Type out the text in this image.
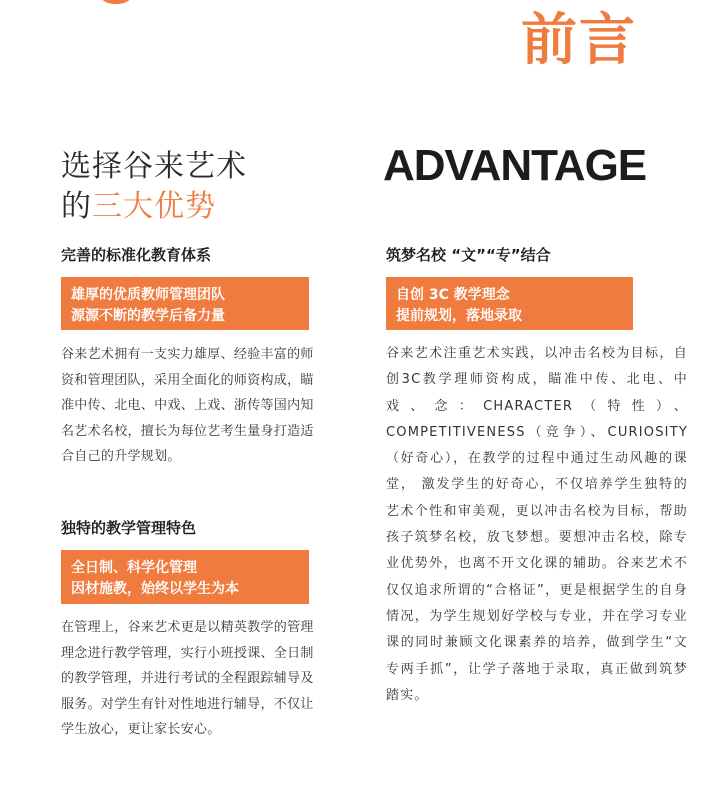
前言
选择谷来艺术
的三大优势
ADVANTAGE
完善的标准化教育体系
雄厚的优质教师管理团队
源源不断的教学后备力量

谷来艺术拥有一支实力雄厚、经验丰富的师资和管理团队，采用全面化的师资构成，瞄准中传、北电、中戏、上戏、浙传等国内知名艺术名校，擅长为每位艺考生量身打造适合自己的升学规划。

独特的教学管理特色
全日制、科学化管理
因材施教，始终以学生为本

在管理上，谷来艺术更是以精英教学的管理理念进行教学管理，实行小班授课、全日制的教学管理，并进行考试的全程跟踪辅导及服务。对学生有针对性地进行辅导，不仅让学生放心，更让家长安心。

筑梦名校 “文”“专”结合
自创 3C 教学理念
提前规划，落地录取

谷来艺术注重艺术实践，以冲击名校为目标，自创3C教学理师资构成，瞄准中传、北电、中戏、念：CHARACTER（特性）、COMPETITIVENESS（竞争）、CURIOSITY（好奇心），在教学的过程中通过生动风趣的课堂， 激发学生的好奇心，不仅培养学生独特的艺术个性和审美观，更以冲击名校为目标，帮助孩子筑梦名校，放飞梦想。要想冲击名校，除专业优势外，也离不开文化课的辅助。谷来艺术不仅仅追求所谓的“合格证”，更是根据学生的自身情况，为学生规划好学校与专业，并在学习专业课的同时兼顾文化课素养的培养，做到学生“文专两手抓”，让学子落地于录取，真正做到筑梦踏实。
